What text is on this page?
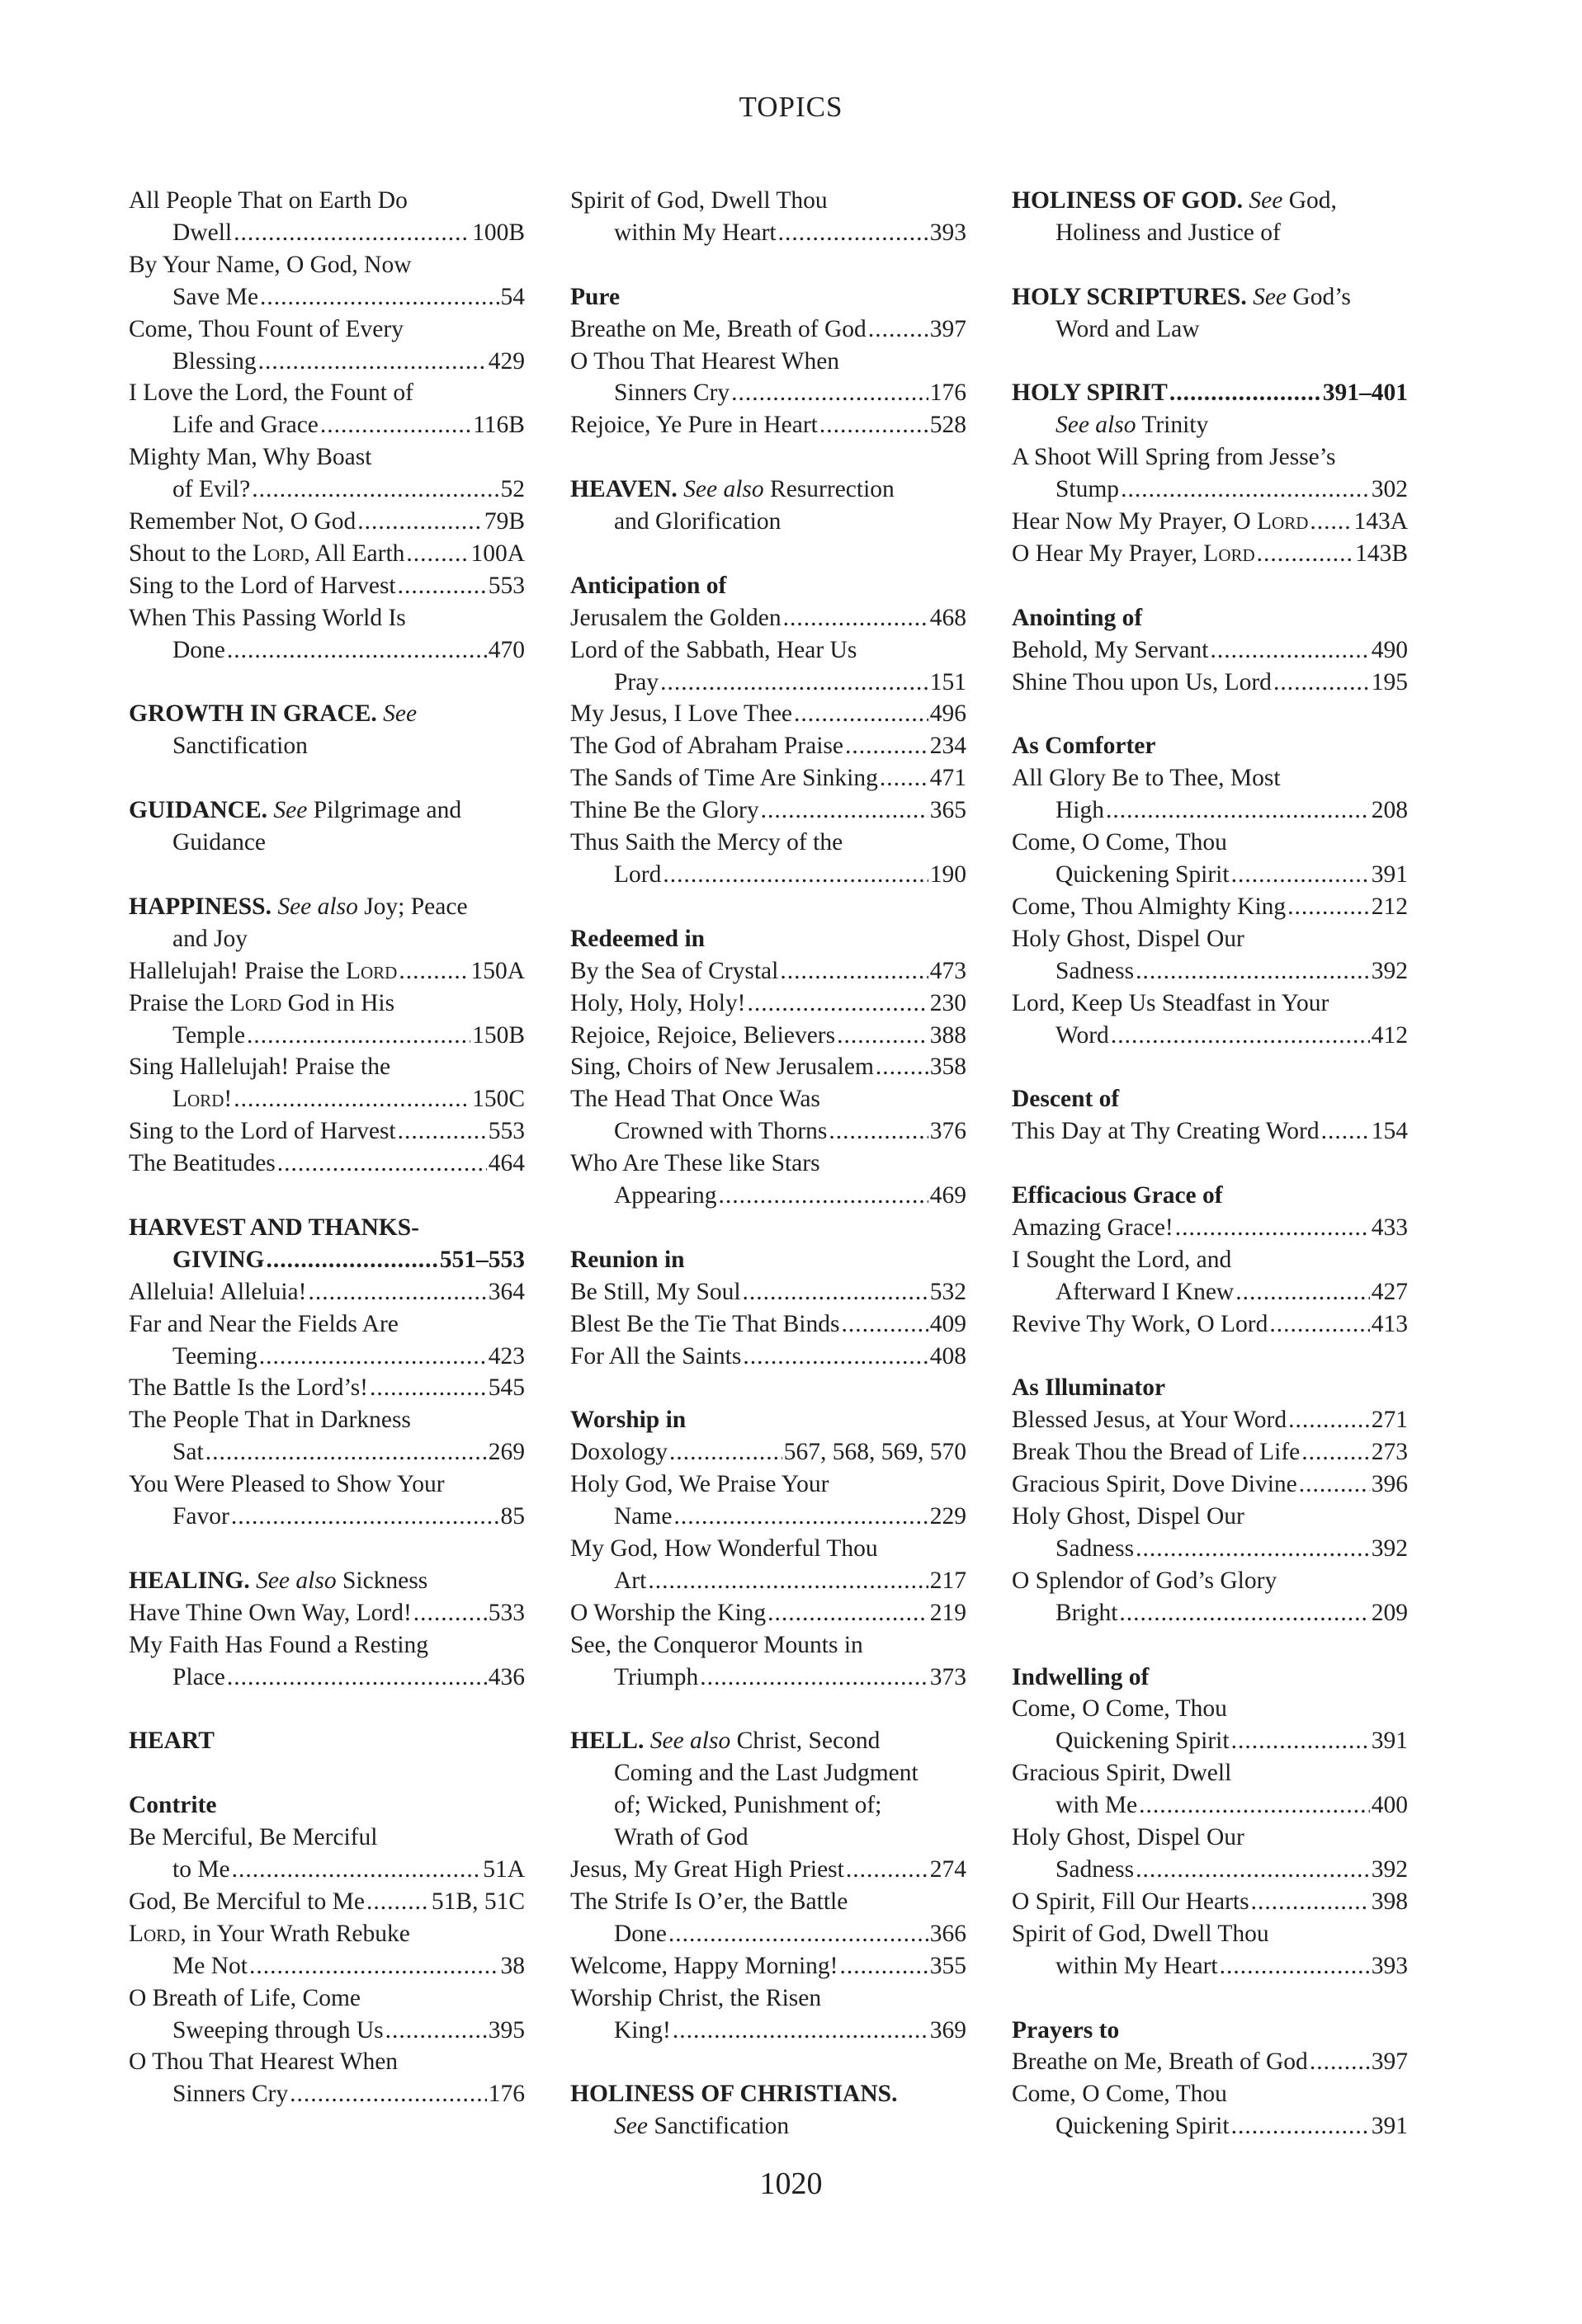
TOPICS
All People That on Earth Do
Dwell .....	100B
By Your Name, O God, Now
Save Me .....	54
Come, Thou Fount of Every
Blessing .....	429
I Love the Lord, the Fount of
Life and Grace .....	116B
Mighty Man, Why Boast
of Evil? .....	52
Remember Not, O God .....	79B
Shout to the Lord, All Earth .....	100A
Sing to the Lord of Harvest .....	553
When This Passing World Is
Done .....	470
GROWTH IN GRACE. See
Sanctification
GUIDANCE. See Pilgrimage and
Guidance
HAPPINESS. See also Joy; Peace
and Joy
Hallelujah! Praise the Lord .....	150A
Praise the Lord God in His
Temple .....	150B
Sing Hallelujah! Praise the
Lord! .....	150C
Sing to the Lord of Harvest .....	553
The Beatitudes .....	464
HARVEST AND THANKS-
GIVING .....	551–553
Alleluia! Alleluia! .....	364
Far and Near the Fields Are
Teeming .....	423
The Battle Is the Lord’s! .....	545
The People That in Darkness
Sat .....	269
You Were Pleased to Show Your
Favor .....	85
HEALING. See also Sickness
Have Thine Own Way, Lord! .....	533
My Faith Has Found a Resting
Place .....	436
HEART
Contrite
Be Merciful, Be Merciful
to Me .....	51A
God, Be Merciful to Me .....	51B, 51C
Lord, in Your Wrath Rebuke
Me Not .....	38
O Breath of Life, Come
Sweeping through Us .....	395
O Thou That Hearest When
Sinners Cry .....	176
Spirit of God, Dwell Thou
within My Heart .....	393
Pure
Breathe on Me, Breath of God .....	397
O Thou That Hearest When
Sinners Cry .....	176
Rejoice, Ye Pure in Heart .....	528
HEAVEN. See also Resurrection
and Glorification
Anticipation of
Jerusalem the Golden .....	468
Lord of the Sabbath, Hear Us
Pray .....	151
My Jesus, I Love Thee .....	496
The God of Abraham Praise .....	234
The Sands of Time Are Sinking ..... 471
Thine Be the Glory .....	365
Thus Saith the Mercy of the
Lord .....	190
Redeemed in
By the Sea of Crystal .....	473
Holy, Holy, Holy! .....	230
Rejoice, Rejoice, Believers .....	388
Sing, Choirs of New Jerusalem ..... 358
The Head That Once Was
Crowned with Thorns .....	376
Who Are These like Stars
Appearing .....	469
Reunion in
Be Still, My Soul .....	532
Blest Be the Tie That Binds .....	409
For All the Saints .....	408
Worship in
Doxology .....	567, 568, 569, 570
Holy God, We Praise Your
Name .....	229
My God, How Wonderful Thou
Art .....	217
O Worship the King .....	219
See, the Conqueror Mounts in
Triumph .....	373
HELL. See also Christ, Second
Coming and the Last Judgment
of; Wicked, Punishment of;
Wrath of God
Jesus, My Great High Priest .....	274
The Strife Is O’er, the Battle
Done .....	366
Welcome, Happy Morning! .....	355
Worship Christ, the Risen
King! .....	369
HOLINESS OF CHRISTIANS.
See Sanctification
HOLINESS OF GOD. See God,
Holiness and Justice of
HOLY SCRIPTURES. See God’s
Word and Law
HOLY SPIRIT .....	391–401
See also Trinity
A Shoot Will Spring from Jesse’s
Stump .....	302
Hear Now My Prayer, O Lord ..... 143A
O Hear My Prayer, Lord .....	143B
Anointing of
Behold, My Servant .....	490
Shine Thou upon Us, Lord .....	195
As Comforter
All Glory Be to Thee, Most
High .....	208
Come, O Come, Thou
Quickening Spirit .....	391
Come, Thou Almighty King .....	212
Holy Ghost, Dispel Our
Sadness .....	392
Lord, Keep Us Steadfast in Your
Word .....	412
Descent of
This Day at Thy Creating Word ..... 154
Efficacious Grace of
Amazing Grace! .....	433
I Sought the Lord, and
Afterward I Knew .....	427
Revive Thy Work, O Lord .....	413
As Illuminator
Blessed Jesus, at Your Word .....	271
Break Thou the Bread of Life .....	273
Gracious Spirit, Dove Divine .....	396
Holy Ghost, Dispel Our
Sadness .....	392
O Splendor of God’s Glory
Bright .....	209
Indwelling of
Come, O Come, Thou
Quickening Spirit .....	391
Gracious Spirit, Dwell
with Me .....	400
Holy Ghost, Dispel Our
Sadness .....	392
O Spirit, Fill Our Hearts .....	398
Spirit of God, Dwell Thou
within My Heart .....	393
Prayers to
Breathe on Me, Breath of God .....	397
Come, O Come, Thou
Quickening Spirit .....	391
1020
